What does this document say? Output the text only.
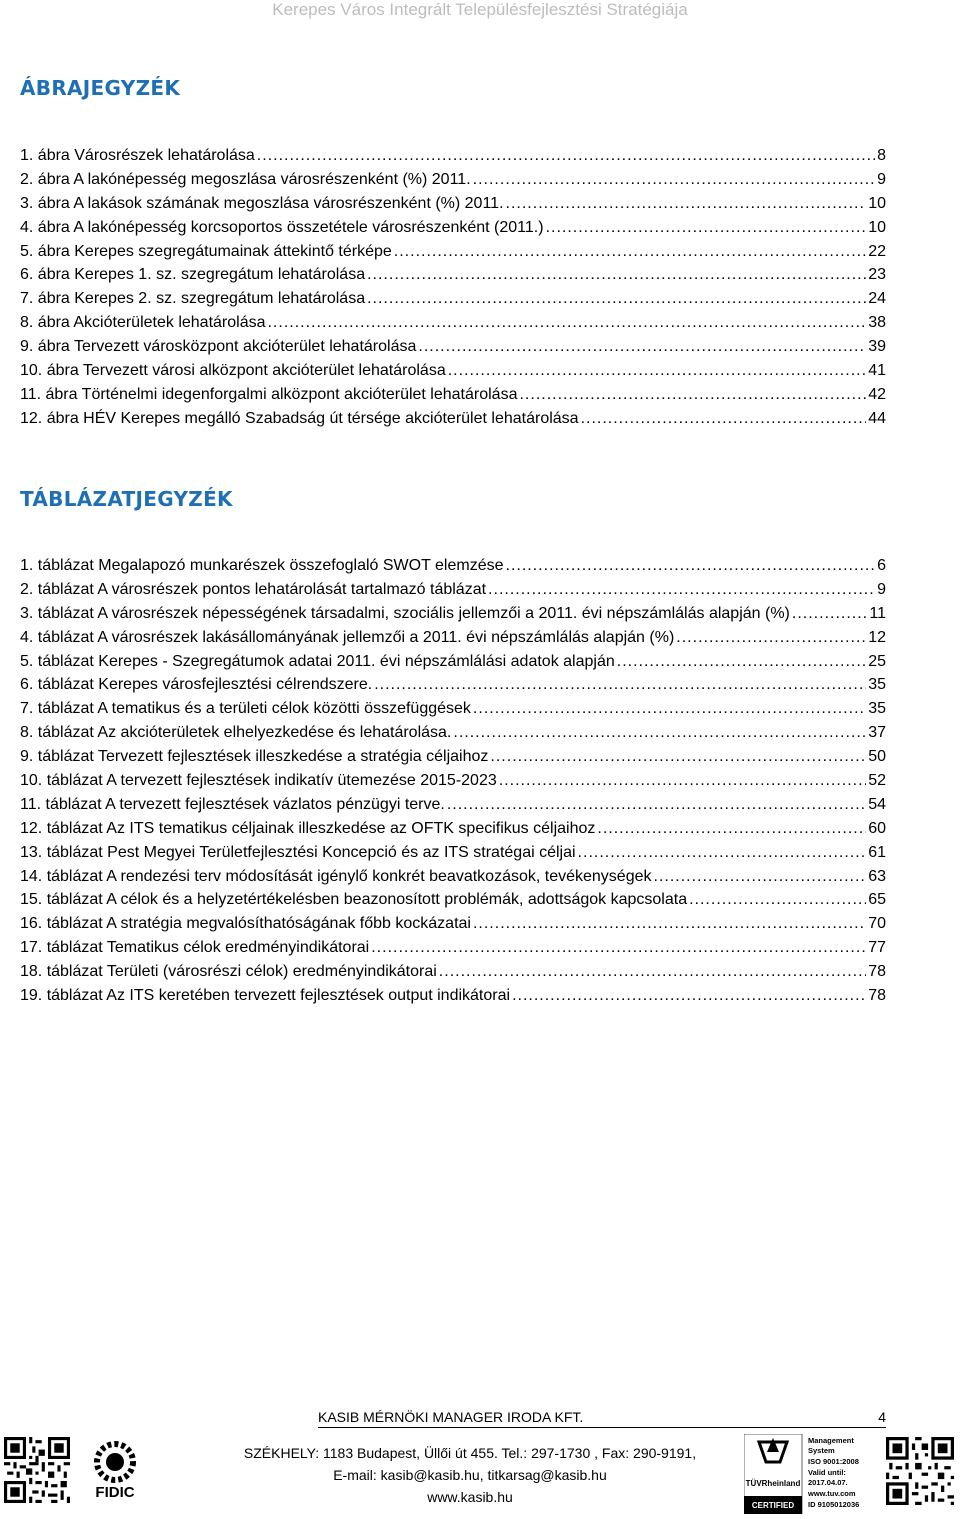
Kerepes Város Integrált Településfejlesztési Stratégiája
ÁBRAJEGYZÉK
1. ábra Városrészek lehatárolása .....	8
2. ábra A lakónépesség megoszlása városrészenként (%) 2011. .....	9
3. ábra A lakások számának megoszlása városrészenként (%) 2011. .....	10
4. ábra A lakónépesség korcsoportos összetétele városrészenként (2011.) .....	10
5. ábra Kerepes szegregátumainak áttekintő térképe .....	22
6. ábra Kerepes 1. sz. szegregátum lehatárolása .....	23
7. ábra Kerepes 2. sz. szegregátum lehatárolása .....	24
8. ábra Akcióterületek lehatárolása .....	38
9. ábra Tervezett városközpont akcióterület lehatárolása .....	39
10. ábra Tervezett városi alközpont akcióterület lehatárolása .....	41
11. ábra Történelmi idegenforgalmi alközpont akcióterület lehatárolása .....	42
12. ábra HÉV Kerepes megálló Szabadság út térsége akcióterület lehatárolása .....	44
TÁBLÁZATJEGYZÉK
1. táblázat Megalapozó munkarészek összefoglaló SWOT elemzése .....	6
2. táblázat A városrészek pontos lehatárolását tartalmazó táblázat .....	9
3. táblázat A városrészek népességének társadalmi, szociális jellemzői a 2011. évi népszámlálás alapján (%) .....	11
4. táblázat A városrészek lakásállományának jellemzői a 2011. évi népszámlálás alapján (%) .....	12
5. táblázat Kerepes - Szegregátumok adatai 2011. évi népszámlálási adatok alapján .....	25
6. táblázat Kerepes városfejlesztési célrendszere. .....	35
7. táblázat A tematikus és a területi célok közötti összefüggések .....	35
8. táblázat Az akcióterületek elhelyezkedése és lehatárolása. .....	37
9. táblázat Tervezett fejlesztések illeszkedése a stratégia céljaihoz .....	50
10. táblázat A tervezett fejlesztések indikatív ütemezése 2015-2023 .....	52
11. táblázat A tervezett fejlesztések vázlatos pénzügyi terve. .....	54
12. táblázat Az ITS tematikus céljainak illeszkedése az OFTK specifikus céljaihoz .....	60
13. táblázat Pest Megyei Területfejlesztési Koncepció és az ITS stratégai céljai .....	61
14. táblázat A rendezési terv módosítását igénylő konkrét beavatkozások, tevékenységek .....	63
15. táblázat A célok és a helyzetértékelésben beazonosított problémák, adottságok kapcsolata .....	65
16. táblázat A stratégia megvalósíthatóságának főbb kockázatai .....	70
17. táblázat Tematikus célok eredményindikátorai .....	77
18. táblázat Területi (városrészi célok) eredményindikátorai .....	78
19. táblázat Az ITS keretében tervezett fejlesztések output indikátorai .....	78
KASIB MÉRNÖKI MANAGER IRODA KFT.	4
SZÉKHELY: 1183 Budapest, Üllői út 455. Tel.: 297-1730 , Fax: 290-9191,
E-mail: kasib@kasib.hu, titkarsag@kasib.hu
www.kasib.hu
FIDIC
TÜVRheinland
CERTIFIED
Management
System
ISO 9001:2008
Valid until:
2017.04.07.
www.tuv.com
ID 9105012036
